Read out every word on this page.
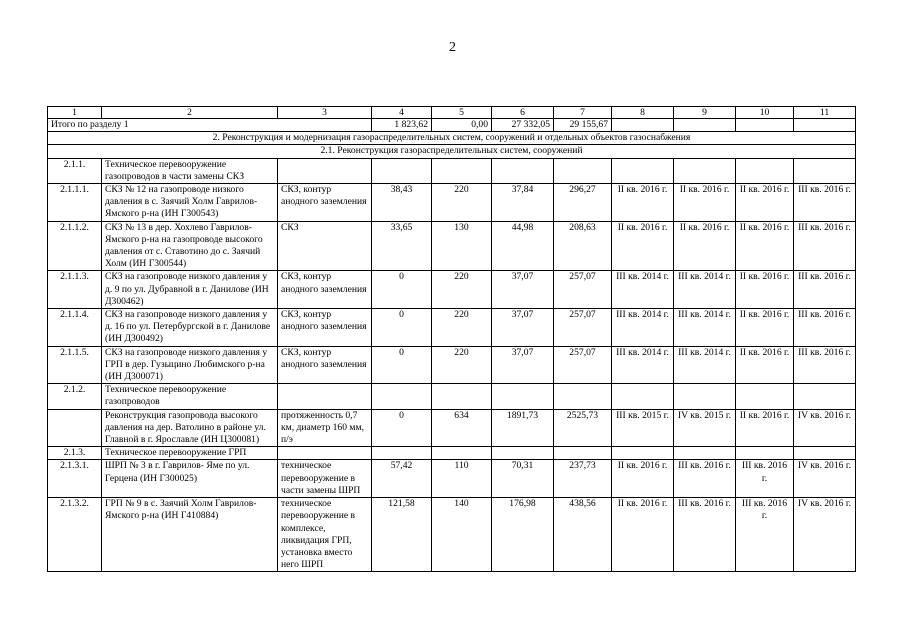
2
1	2	3	4	5	6	7	8	9	10	11
Итого по разделу 1			1 823,62	0,00	27 332,05	29 155,67				
2. Реконструкция и модернизация газораспределительных систем, сооружений и отдельных объектов газоснабжения										
2.1. Реконструкция газораспределительных систем, сооружений										
2.1.1.	Техническое перевооружение газопроводов в части замены СКЗ									
2.1.1.1.	СКЗ № 12 на газопроводе низкого давления в с. Заячий Холм Гаврилов-Ямского р-на (ИН Г300543)	СКЗ, контур анодного заземления	38,43	220	37,84	296,27	II кв. 2016 г.	II кв. 2016 г.	II кв. 2016 г.	III кв. 2016 г.
2.1.1.2.	СКЗ № 13 в дер. Хохлево Гаврилов-Ямского р-на на газопроводе высокого давления от с. Ставотино до с. Заячий Холм (ИН Г300544)	СКЗ	33,65	130	44,98	208,63	II кв. 2016 г.	II кв. 2016 г.	II кв. 2016 г.	III кв. 2016 г.
2.1.1.3.	СКЗ на газопроводе низкого давления у д. 9 по ул. Дубравной в г. Данилове (ИН Д300462)	СКЗ, контур анодного заземления	0	220	37,07	257,07	III кв. 2014 г.	III кв. 2014 г.	II кв. 2016 г.	III кв. 2016 г.
2.1.1.4.	СКЗ на газопроводе низкого давления у д. 16 по ул. Петербургской в г. Данилове (ИН Д300492)	СКЗ, контур анодного заземления	0	220	37,07	257,07	III кв. 2014 г.	III кв. 2014 г.	II кв. 2016 г.	III кв. 2016 г.
2.1.1.5.	СКЗ на газопроводе низкого давления у ГРП в дер. Гузыцино Любимского р-на (ИН Д300071)	СКЗ, контур анодного заземления	0	220	37,07	257,07	III кв. 2014 г.	III кв. 2014 г.	II кв. 2016 г.	III кв. 2016 г.
2.1.2.	Техническое перевооружение газопроводов									
	Реконструкция газопровода высокого давления на дер. Ватолино в районе ул. Главной в г. Ярославле (ИН Ц300081)	протяженность 0,7 км, диаметр 160 мм, п/э	0	634	1891,73	2525,73	III кв. 2015 г.	IV кв. 2015 г.	II кв. 2016 г.	IV кв. 2016 г.
2.1.3.	Техническое перевооружение ГРП									
2.1.3.1.	ШРП № 3 в г. Гаврилов- Яме по ул. Герцена (ИН Г300025)	техническое перевооружение в части замены ШРП	57,42	110	70,31	237,73	II кв. 2016 г.	III кв. 2016 г.	III кв. 2016 г.	IV кв. 2016 г.
2.1.3.2.	ГРП № 9 в с. Заячий Холм Гаврилов-Ямского р-на (ИН Г410884)	техническое перевооружение в комплексе, ликвидация ГРП, установка вместо него ШРП	121,58	140	176,98	438,56	II кв. 2016 г.	III кв. 2016 г.	III кв. 2016 г.	IV кв. 2016 г.
